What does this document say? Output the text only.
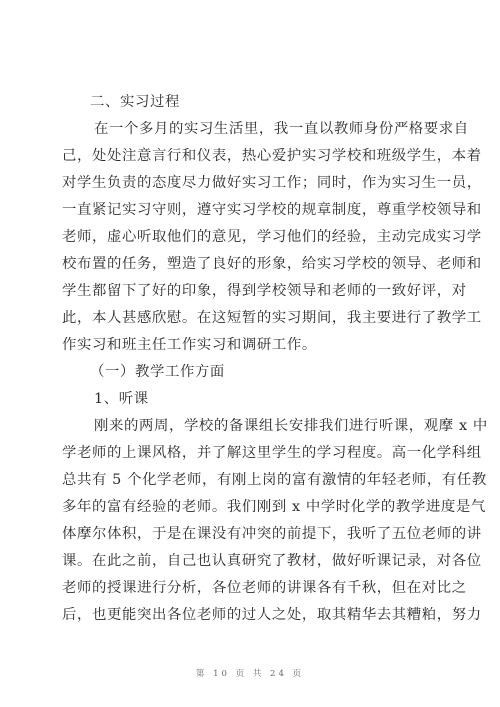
二、实习过程
在一个多月的实习生活里，我一直以教师身份严格要求自
己，处处注意言行和仪表，热心爱护实习学校和班级学生，本着
对学生负责的态度尽力做好实习工作；同时，作为实习生一员，
一直紧记实习守则，遵守实习学校的规章制度，尊重学校领导和
老师，虚心听取他们的意见，学习他们的经验，主动完成实习学
校布置的任务，塑造了良好的形象，给实习学校的领导、老师和
学生都留下了好的印象，得到学校领导和老师的一致好评，对
此，本人甚感欣慰。在这短暂的实习期间，我主要进行了教学工
作实习和班主任工作实习和调研工作。
（一）教学工作方面
1、听课
刚来的两周，学校的备课组长安排我们进行听课，观摩 x 中
学老师的上课风格，并了解这里学生的学习程度。高一化学科组
总共有 5 个化学老师，有刚上岗的富有激情的年轻老师，有任教
多年的富有经验的老师。我们刚到 x 中学时化学的教学进度是气
体摩尔体积，于是在课没有冲突的前提下，我听了五位老师的讲
课。在此之前，自己也认真研究了教材，做好听课记录，对各位
老师的授课进行分析，各位老师的讲课各有千秋，但在对比之
后，也更能突出各位老师的过人之处，取其精华去其糟粕，努力
第 10 页 共 24 页
